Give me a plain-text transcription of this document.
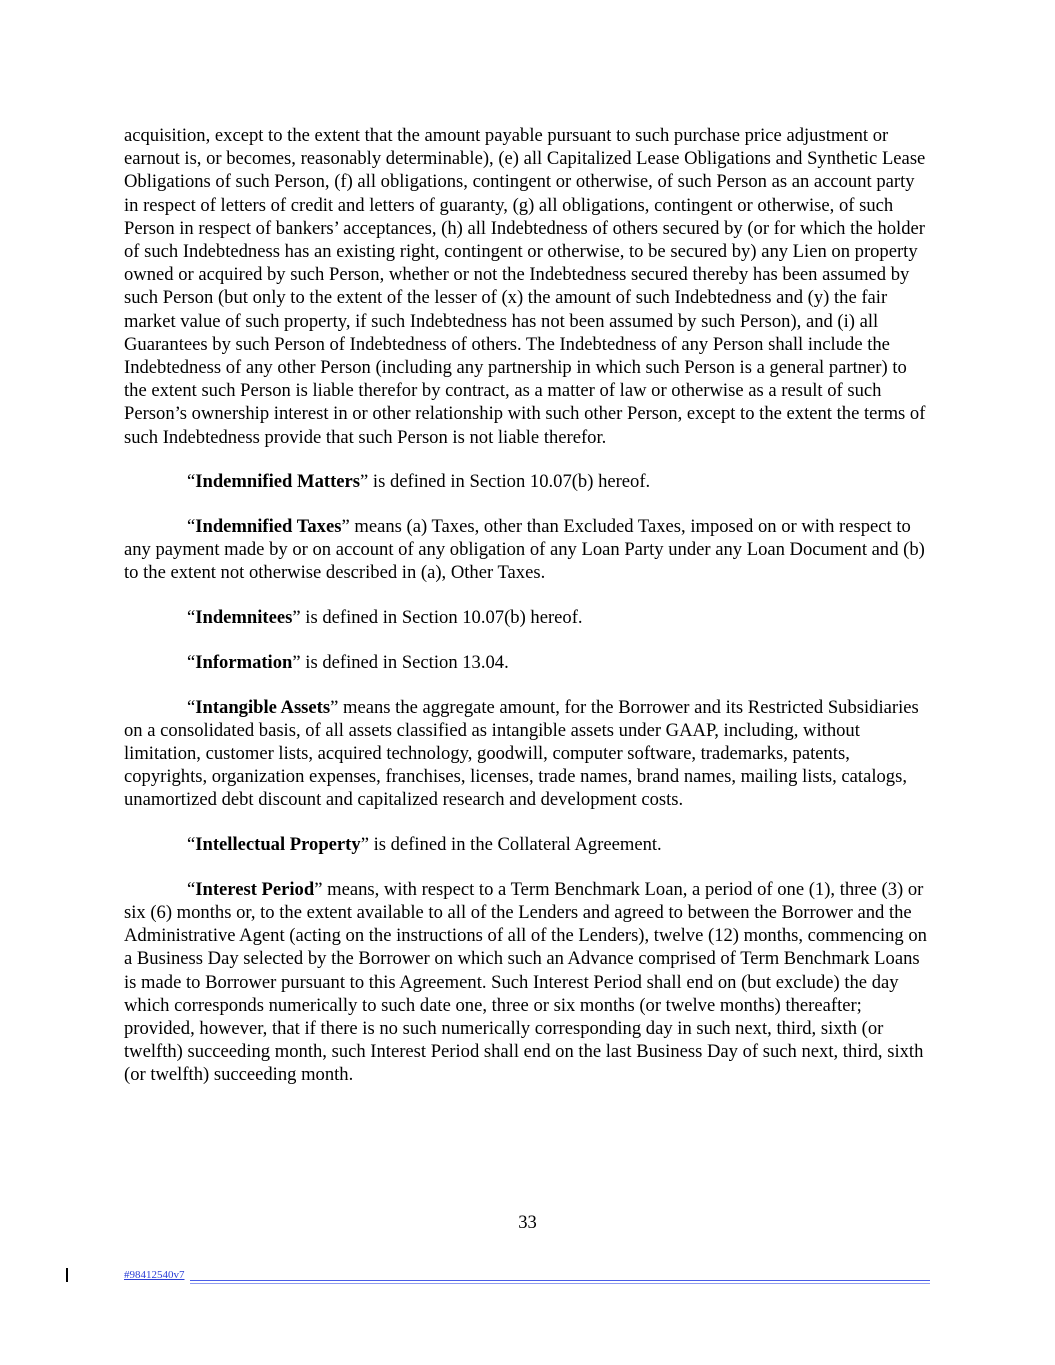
acquisition, except to the extent that the amount payable pursuant to such purchase price adjustment or earnout is, or becomes, reasonably determinable), (e) all Capitalized Lease Obligations and Synthetic Lease Obligations of such Person, (f) all obligations, contingent or otherwise, of such Person as an account party in respect of letters of credit and letters of guaranty, (g) all obligations, contingent or otherwise, of such Person in respect of bankers’ acceptances, (h) all Indebtedness of others secured by (or for which the holder of such Indebtedness has an existing right, contingent or otherwise, to be secured by) any Lien on property owned or acquired by such Person, whether or not the Indebtedness secured thereby has been assumed by such Person (but only to the extent of the lesser of (x) the amount of such Indebtedness and (y) the fair market value of such property, if such Indebtedness has not been assumed by such Person), and (i) all Guarantees by such Person of Indebtedness of others. The Indebtedness of any Person shall include the Indebtedness of any other Person (including any partnership in which such Person is a general partner) to the extent such Person is liable therefor by contract, as a matter of law or otherwise as a result of such Person’s ownership interest in or other relationship with such other Person, except to the extent the terms of such Indebtedness provide that such Person is not liable therefor.

“Indemnified Matters” is defined in Section 10.07(b) hereof.

“Indemnified Taxes” means (a) Taxes, other than Excluded Taxes, imposed on or with respect to any payment made by or on account of any obligation of any Loan Party under any Loan Document and (b) to the extent not otherwise described in (a), Other Taxes.

“Indemnitees” is defined in Section 10.07(b) hereof.

“Information” is defined in Section 13.04.

“Intangible Assets” means the aggregate amount, for the Borrower and its Restricted Subsidiaries on a consolidated basis, of all assets classified as intangible assets under GAAP, including, without limitation, customer lists, acquired technology, goodwill, computer software, trademarks, patents, copyrights, organization expenses, franchises, licenses, trade names, brand names, mailing lists, catalogs, unamortized debt discount and capitalized research and development costs.

“Intellectual Property” is defined in the Collateral Agreement.

“Interest Period” means, with respect to a Term Benchmark Loan, a period of one (1), three (3) or six (6) months or, to the extent available to all of the Lenders and agreed to between the Borrower and the Administrative Agent (acting on the instructions of all of the Lenders), twelve (12) months, commencing on a Business Day selected by the Borrower on which such an Advance comprised of Term Benchmark Loans is made to Borrower pursuant to this Agreement. Such Interest Period shall end on (but exclude) the day which corresponds numerically to such date one, three or six months (or twelve months) thereafter; provided, however, that if there is no such numerically corresponding day in such next, third, sixth (or twelfth) succeeding month, such Interest Period shall end on the last Business Day of such next, third, sixth (or twelfth) succeeding month.

33
#98412540v7
